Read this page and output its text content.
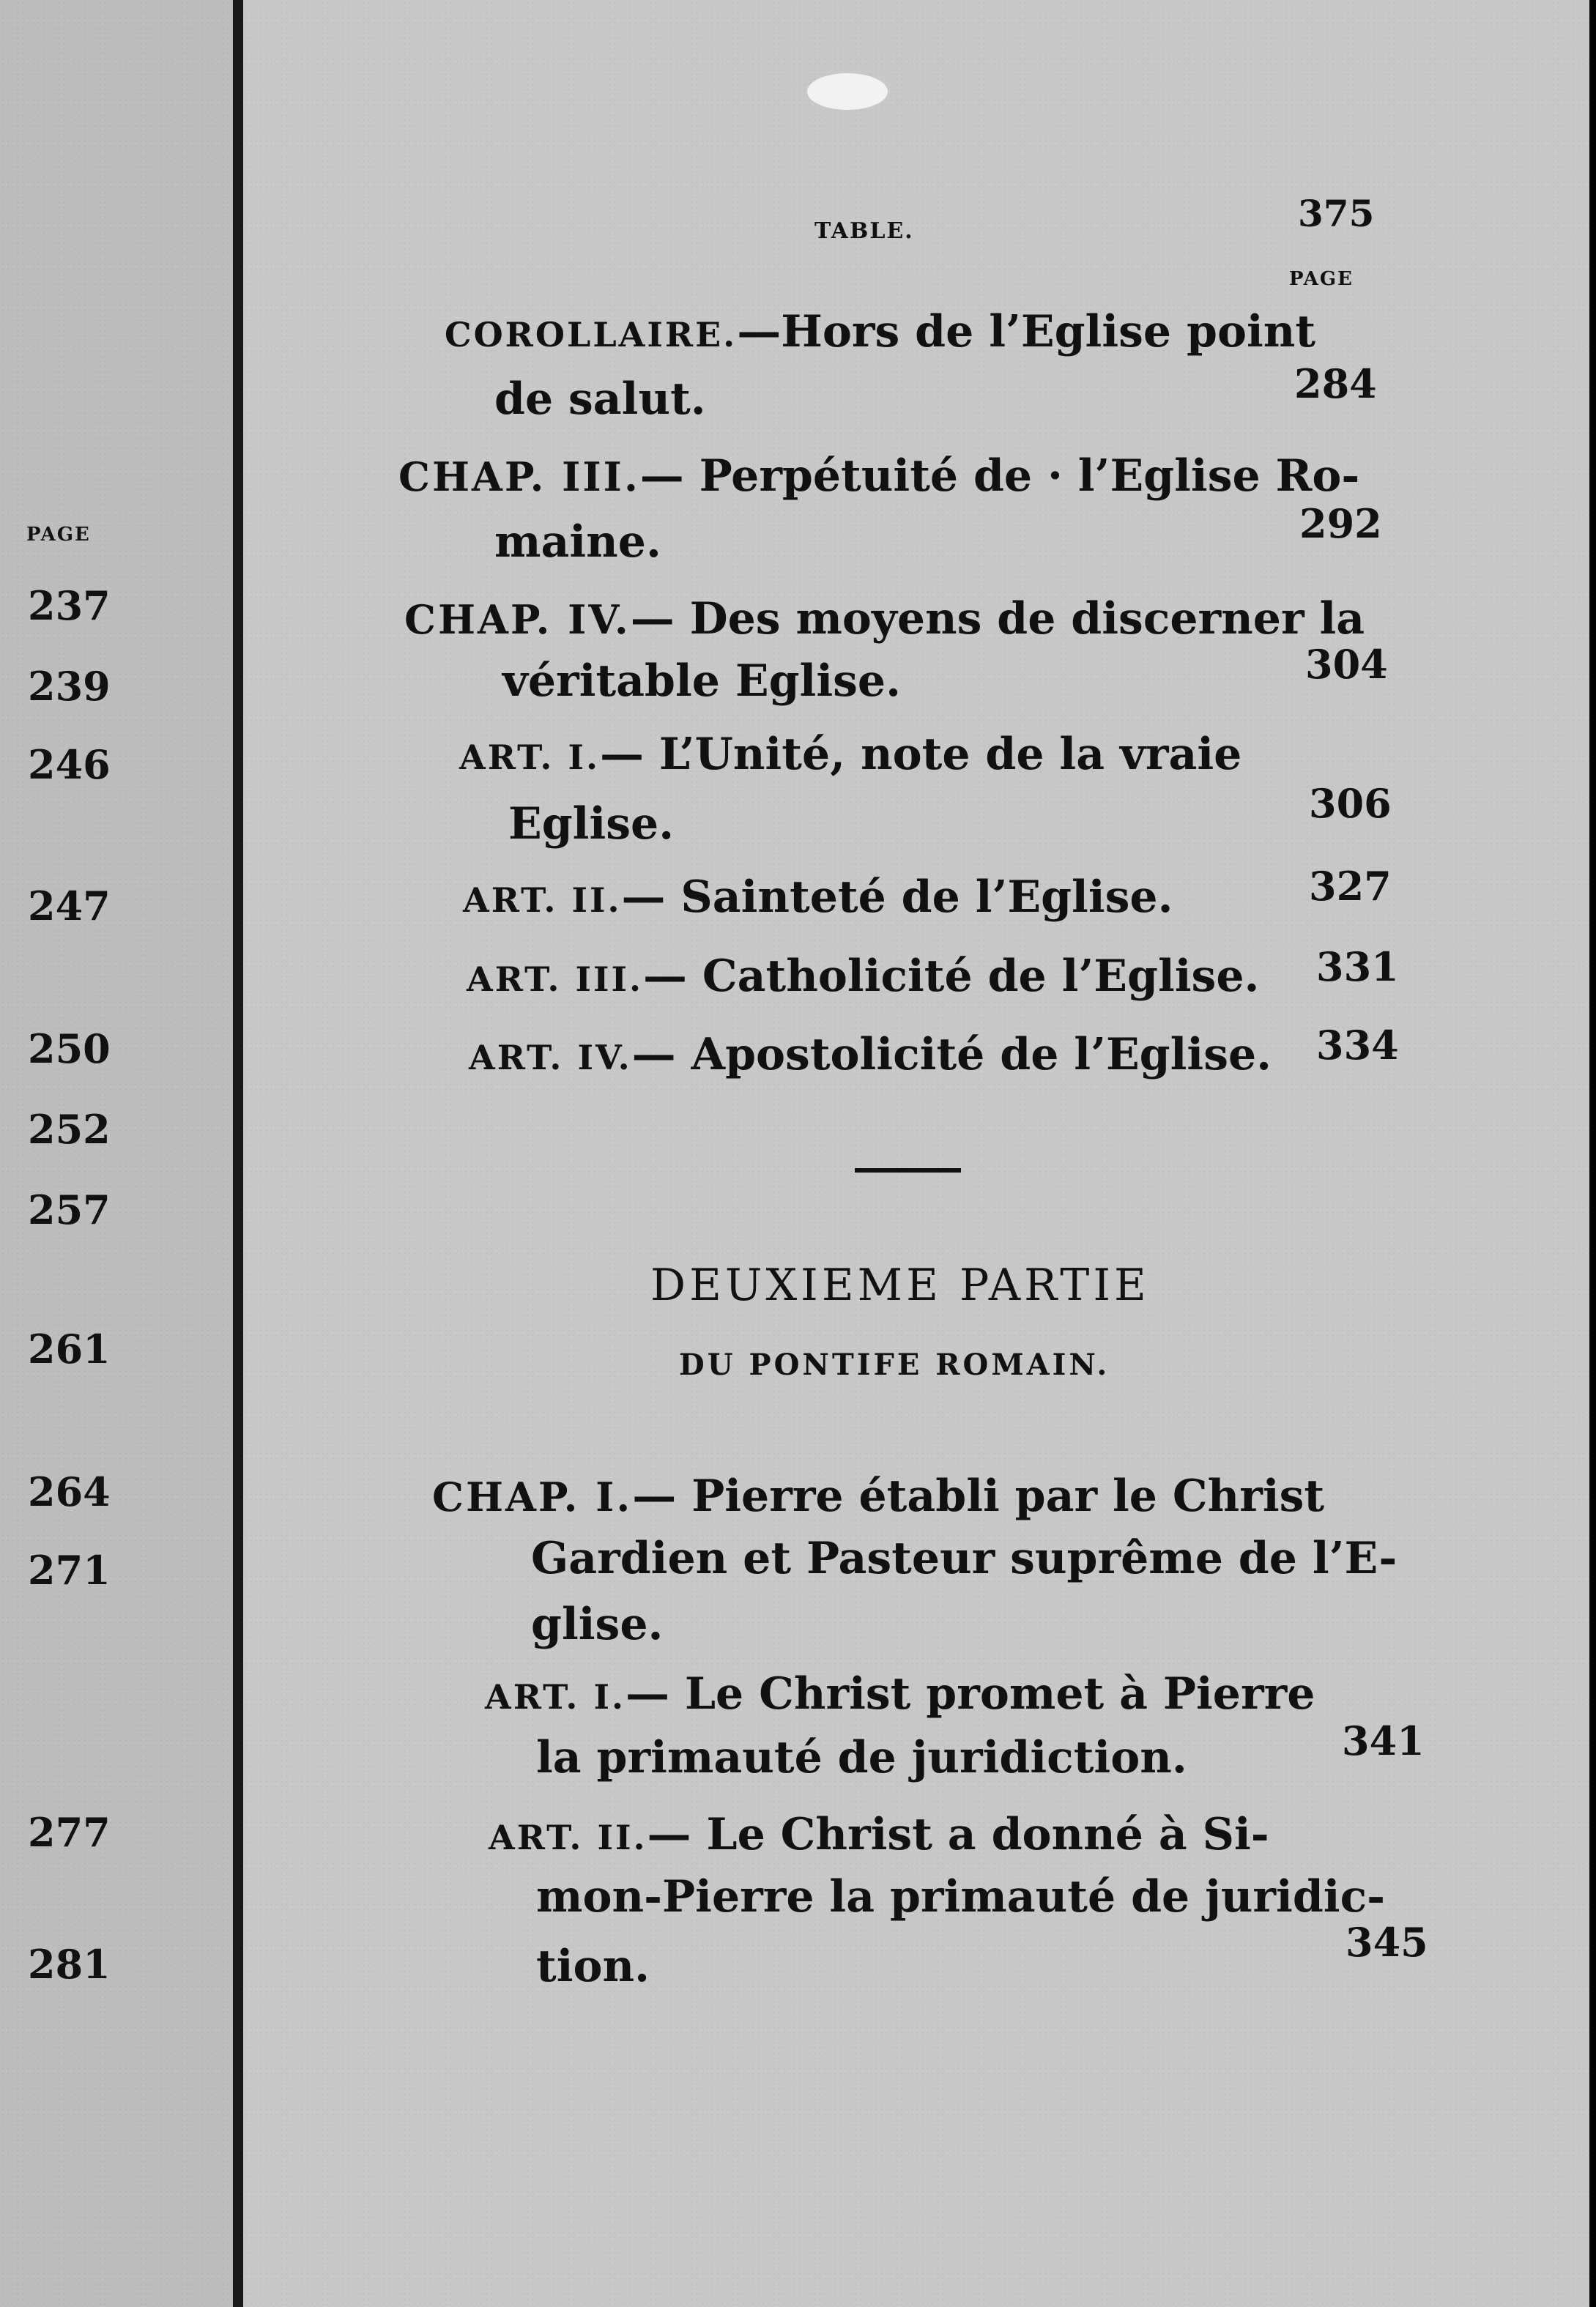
PAGE
237
239
246
247
250
252
257
261
264
271
277
281
TABLE.	375
PAGE
COROLLAIRE.—Hors de l’Eglise point
de salut.	284
CHAP. III.— Perpétuité de · l’Eglise Ro-
maine.	292
CHAP. IV.— Des moyens de discerner la
véritable Eglise.	304
ART. I.— L’Unité, note de la vraie
Eglise.	306
ART. II.— Sainteté de l’Eglise.	327
ART. III.— Catholicité de l’Eglise. 331
ART. IV.— Apostolicité de l’Eglise. 334
DEUXIEME PARTIE
DU PONTIFE ROMAIN.
CHAP. I.— Pierre établi par le Christ
Gardien et Pasteur suprême de l’E-
glise.
ART. I.— Le Christ promet à Pierre
la primauté de juridiction.	341
ART. II.— Le Christ a donné à Si-
mon-Pierre la primauté de juridic-
tion.	345
